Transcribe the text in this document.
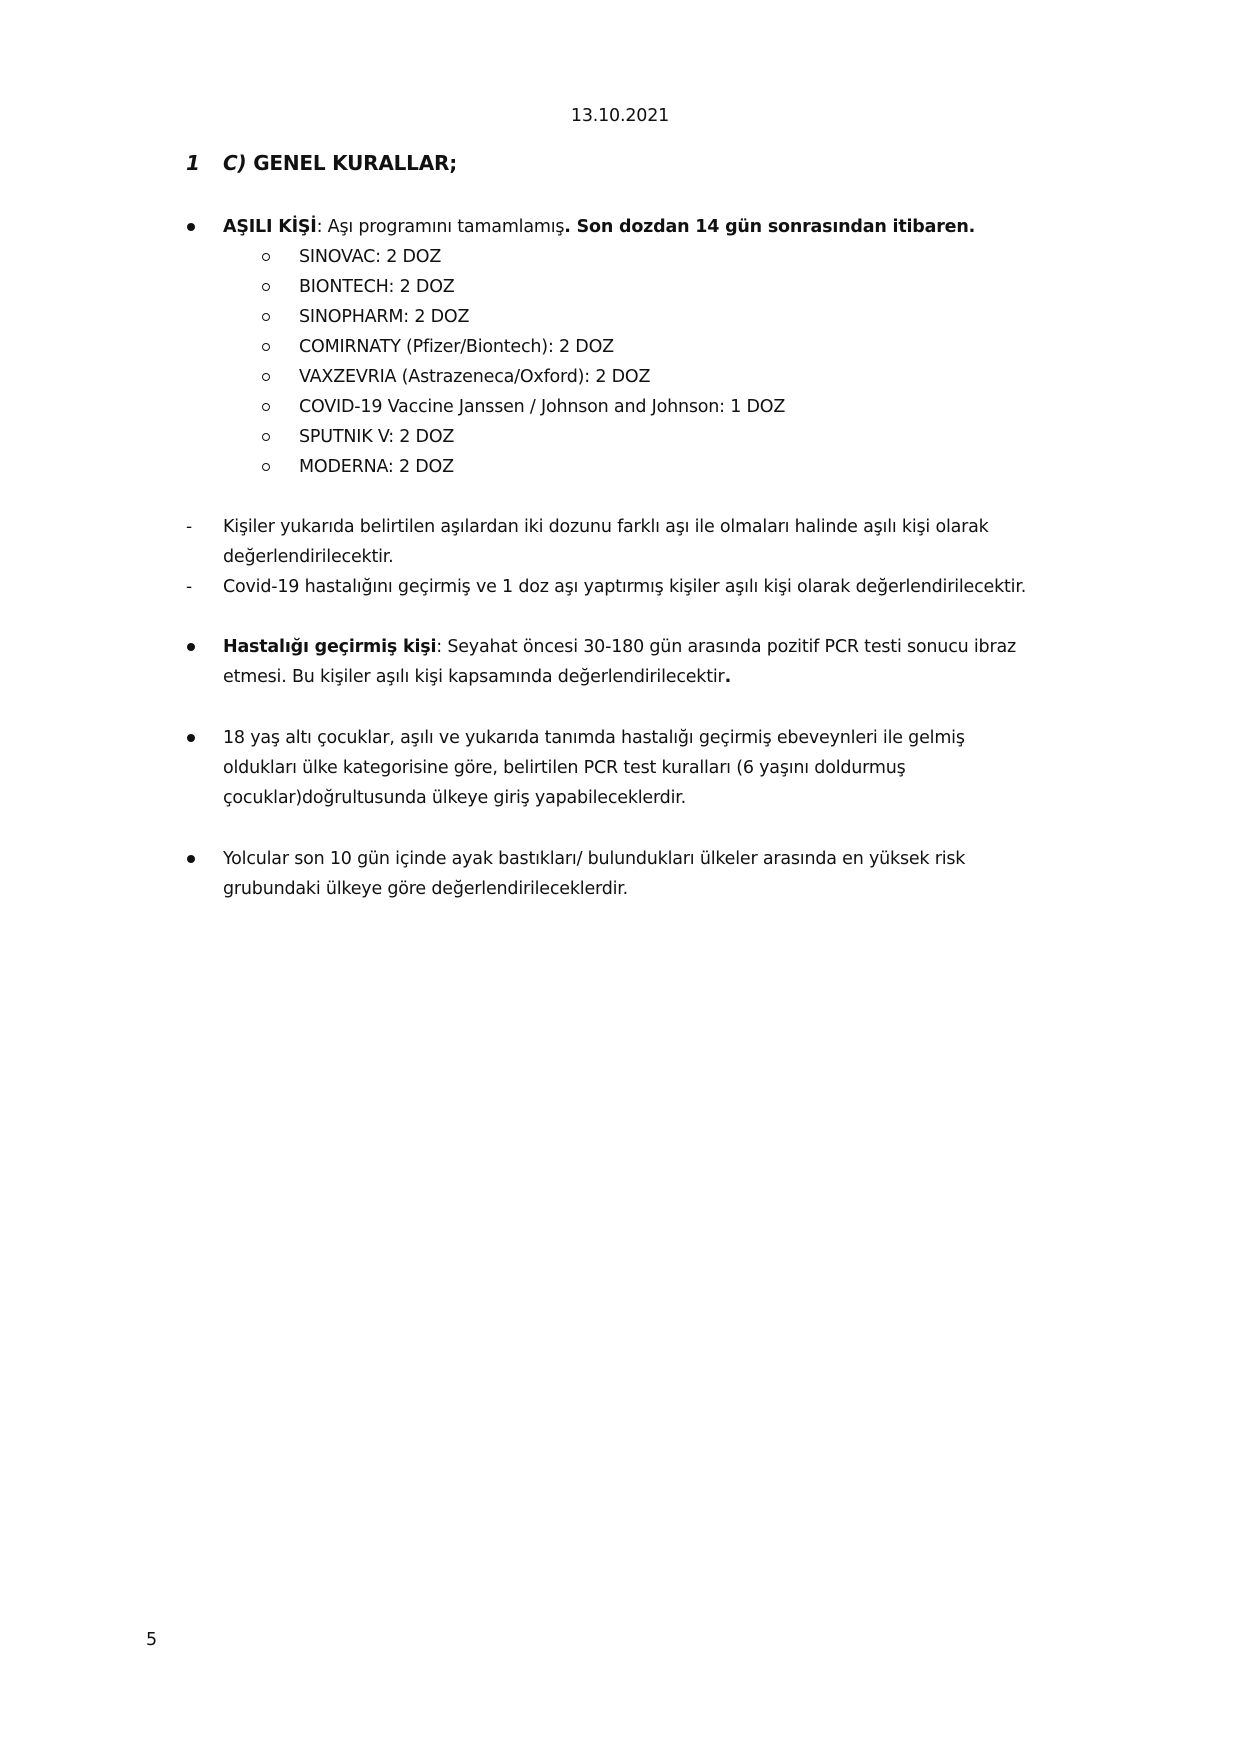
13.10.2021
1 C) GENEL KURALLAR;
AŞILI KİŞİ: Aşı programını tamamlamış. Son dozdan 14 gün sonrasından itibaren.
SINOVAC: 2 DOZ
BIONTECH: 2 DOZ
SINOPHARM: 2 DOZ
COMIRNATY (Pfizer/Biontech): 2 DOZ
VAXZEVRIA (Astrazeneca/Oxford): 2 DOZ
COVID-19 Vaccine Janssen / Johnson and Johnson: 1 DOZ
SPUTNIK V: 2 DOZ
MODERNA: 2 DOZ
- Kişiler yukarıda belirtilen aşılardan iki dozunu farklı aşı ile olmaları halinde aşılı kişi olarak
değerlendirilecektir.
- Covid-19 hastalığını geçirmiş ve 1 doz aşı yaptırmış kişiler aşılı kişi olarak değerlendirilecektir.
Hastalığı geçirmiş kişi: Seyahat öncesi 30-180 gün arasında pozitif PCR testi sonucu ibraz
etmesi. Bu kişiler aşılı kişi kapsamında değerlendirilecektir.
18 yaş altı çocuklar, aşılı ve yukarıda tanımda hastalığı geçirmiş ebeveynleri ile gelmiş
oldukları ülke kategorisine göre, belirtilen PCR test kuralları (6 yaşını doldurmuş
çocuklar)doğrultusunda ülkeye giriş yapabileceklerdir.
Yolcular son 10 gün içinde ayak bastıkları/ bulundukları ülkeler arasında en yüksek risk
grubundaki ülkeye göre değerlendirileceklerdir.
5
